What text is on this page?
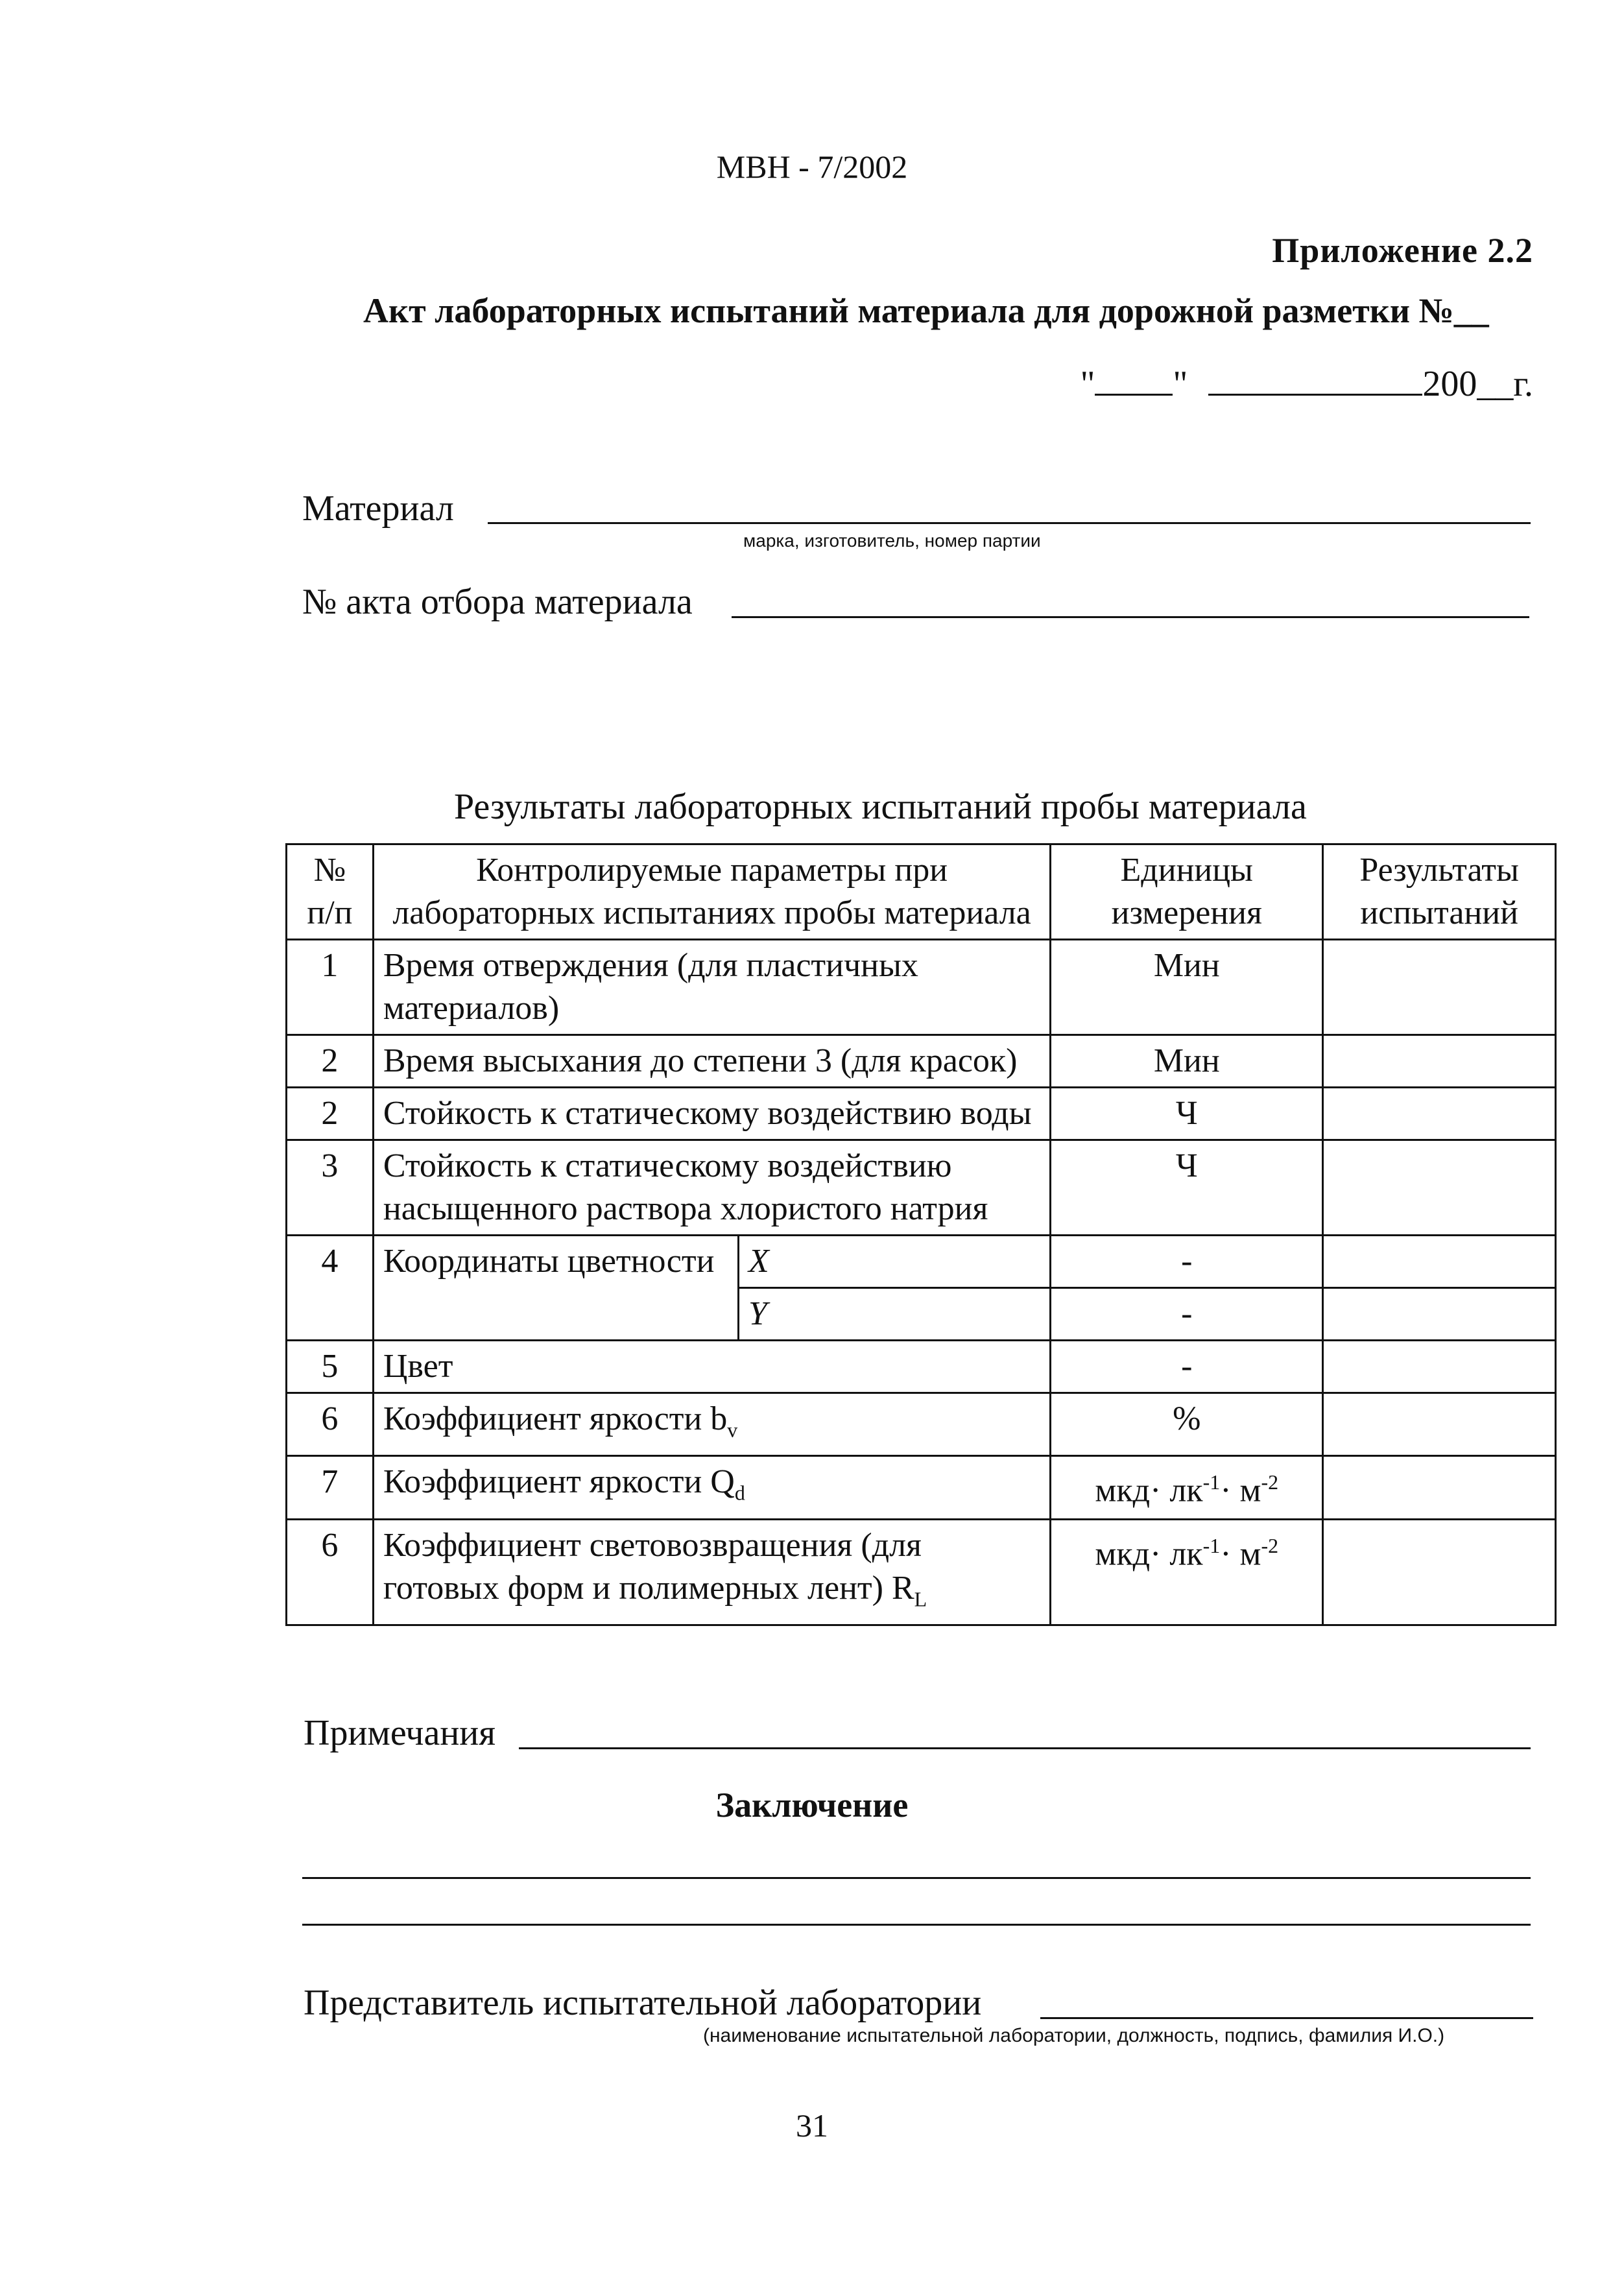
МВН - 7/2002
Приложение 2.2
Акт лабораторных испытаний материала для дорожной разметки №__
" "	200__г.
Материал
марка, изготовитель, номер партии
№ акта отбора материала
Результаты лабораторных испытаний пробы материала
№ п/п	Контролируемые параметры при лабораторных испытаниях пробы материала		Единицы измерения	Результаты испытаний
1	Время отверждения (для пластичных материалов)		Мин	
2	Время высыхания до степени 3 (для красок)		Мин	
2	Стойкость к статическому воздействию воды		Ч	
3	Стойкость к статическому воздействию насыщенного раствора хлористого натрия		Ч	
4	Координаты цветности	X	-	
		Y	-	
5	Цвет		-	
6	Коэффициент яркости $b_v$		%	
7	Коэффициент яркости $Q_d$		$мкд\cdot лк^{-1}\cdot м^{-2}$	
6	Коэффициент световозвращения (для готовых форм и полимерных лент) $R_L$		$мкд\cdot лк^{-1}\cdot м^{-2}$	
Примечания
Заключение
Представитель испытательной лаборатории
(наименование испытательной лаборатории, должность, подпись, фамилия И.О.)
31
